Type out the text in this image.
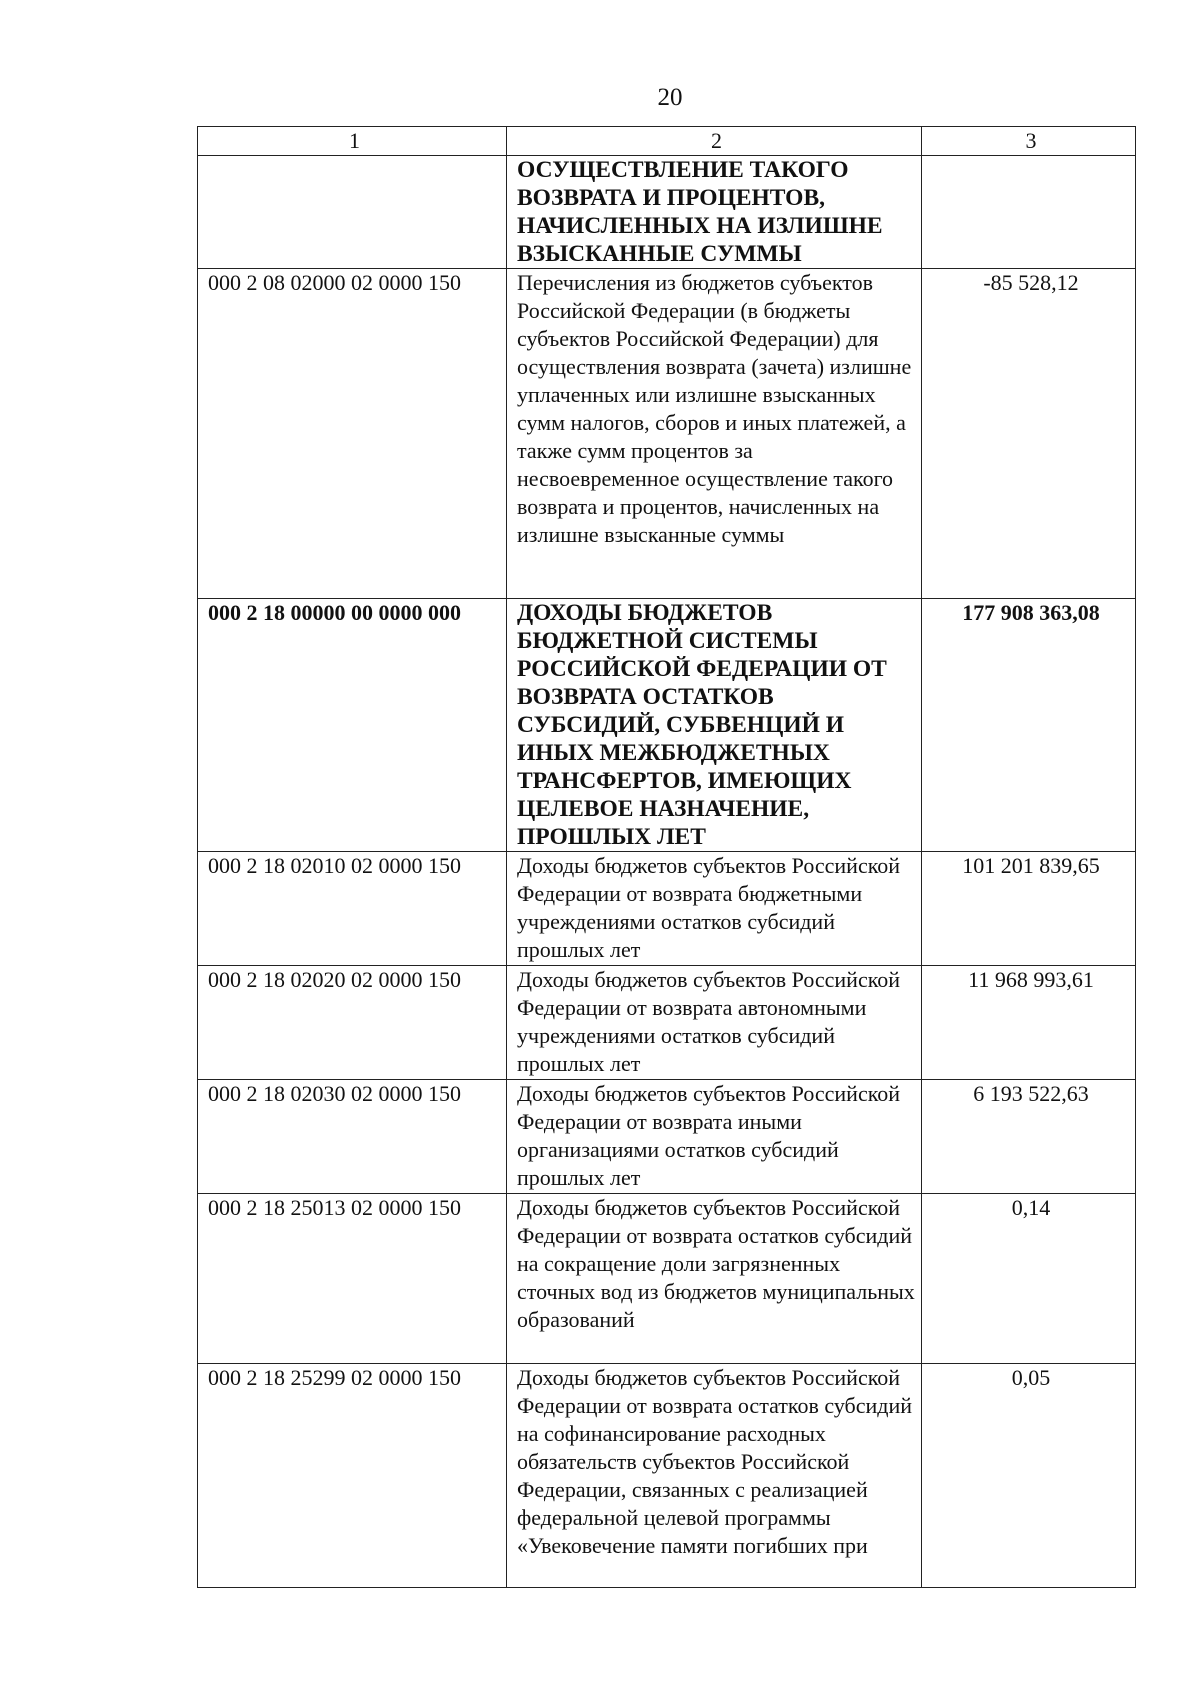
20
1	2	3
	ОСУЩЕСТВЛЕНИЕ ТАКОГО ВОЗВРАТА И ПРОЦЕНТОВ, НАЧИСЛЕННЫХ НА ИЗЛИШНЕ ВЗЫСКАННЫЕ СУММЫ	
000 2 08 02000 02 0000 150	Перечисления из бюджетов субъектов Российской Федерации (в бюджеты субъектов Российской Федерации) для осуществления возврата (зачета) излишне уплаченных или излишне взысканных сумм налогов, сборов и иных платежей, а также сумм процентов за несвоевременное осуществление такого возврата и процентов, начисленных на излишне взысканные суммы	-85 528,12
000 2 18 00000 00 0000 000	ДОХОДЫ БЮДЖЕТОВ БЮДЖЕТНОЙ СИСТЕМЫ РОССИЙСКОЙ ФЕДЕРАЦИИ ОТ ВОЗВРАТА ОСТАТКОВ СУБСИДИЙ, СУБВЕНЦИЙ И ИНЫХ МЕЖБЮДЖЕТНЫХ ТРАНСФЕРТОВ, ИМЕЮЩИХ ЦЕЛЕВОЕ НАЗНАЧЕНИЕ, ПРОШЛЫХ ЛЕТ	177 908 363,08
000 2 18 02010 02 0000 150	Доходы бюджетов субъектов Российской Федерации от возврата бюджетными учреждениями остатков субсидий прошлых лет	101 201 839,65
000 2 18 02020 02 0000 150	Доходы бюджетов субъектов Российской Федерации от возврата автономными учреждениями остатков субсидий прошлых лет	11 968 993,61
000 2 18 02030 02 0000 150	Доходы бюджетов субъектов Российской Федерации от возврата иными организациями остатков субсидий прошлых лет	6 193 522,63
000 2 18 25013 02 0000 150	Доходы бюджетов субъектов Российской Федерации от возврата остатков субсидий на сокращение доли загрязненных сточных вод из бюджетов муниципальных образований	0,14
000 2 18 25299 02 0000 150	Доходы бюджетов субъектов Российской Федерации от возврата остатков субсидий на софинансирование расходных обязательств субъектов Российской Федерации, связанных с реализацией федеральной целевой программы «Увековечение памяти погибших при	0,05
